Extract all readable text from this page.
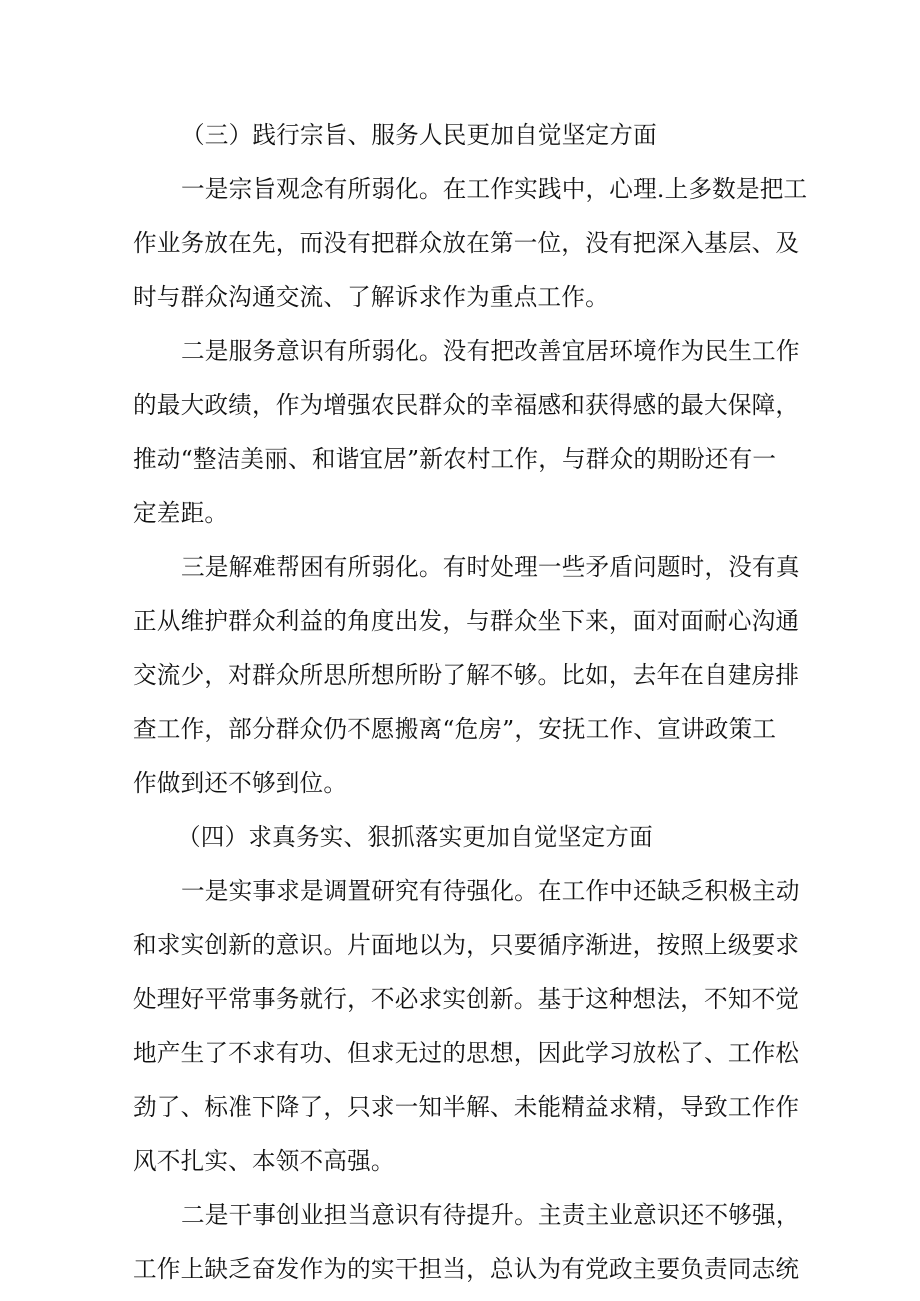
（三）践行宗旨、服务人民更加自觉坚定方面
一是宗旨观念有所弱化。在工作实践中，心理.上多数是把工
作业务放在先，而没有把群众放在第一位，没有把深入基层、及
时与群众沟通交流、了解诉求作为重点工作。
二是服务意识有所弱化。没有把改善宜居环境作为民生工作
的最大政绩，作为增强农民群众的幸福感和获得感的最大保障，
推动“整洁美丽、和谐宜居”新农村工作，与群众的期盼还有一
定差距。
三是解难帮困有所弱化。有时处理一些矛盾问题时，没有真
正从维护群众利益的角度出发，与群众坐下来，面对面耐心沟通
交流少，对群众所思所想所盼了解不够。比如，去年在自建房排
查工作，部分群众仍不愿搬离“危房”，安抚工作、宣讲政策工
作做到还不够到位。
（四）求真务实、狠抓落实更加自觉坚定方面
一是实事求是调置研究有待强化。在工作中还缺乏积极主动
和求实创新的意识。片面地以为，只要循序渐进，按照上级要求
处理好平常事务就行，不必求实创新。基于这种想法，不知不觉
地产生了不求有功、但求无过的思想，因此学习放松了、工作松
劲了、标准下降了，只求一知半解、未能精益求精，导致工作作
风不扎实、本领不高强。
二是干事创业担当意识有待提升。主责主业意识还不够强，
工作上缺乏奋发作为的实干担当，总认为有党政主要负责同志统
